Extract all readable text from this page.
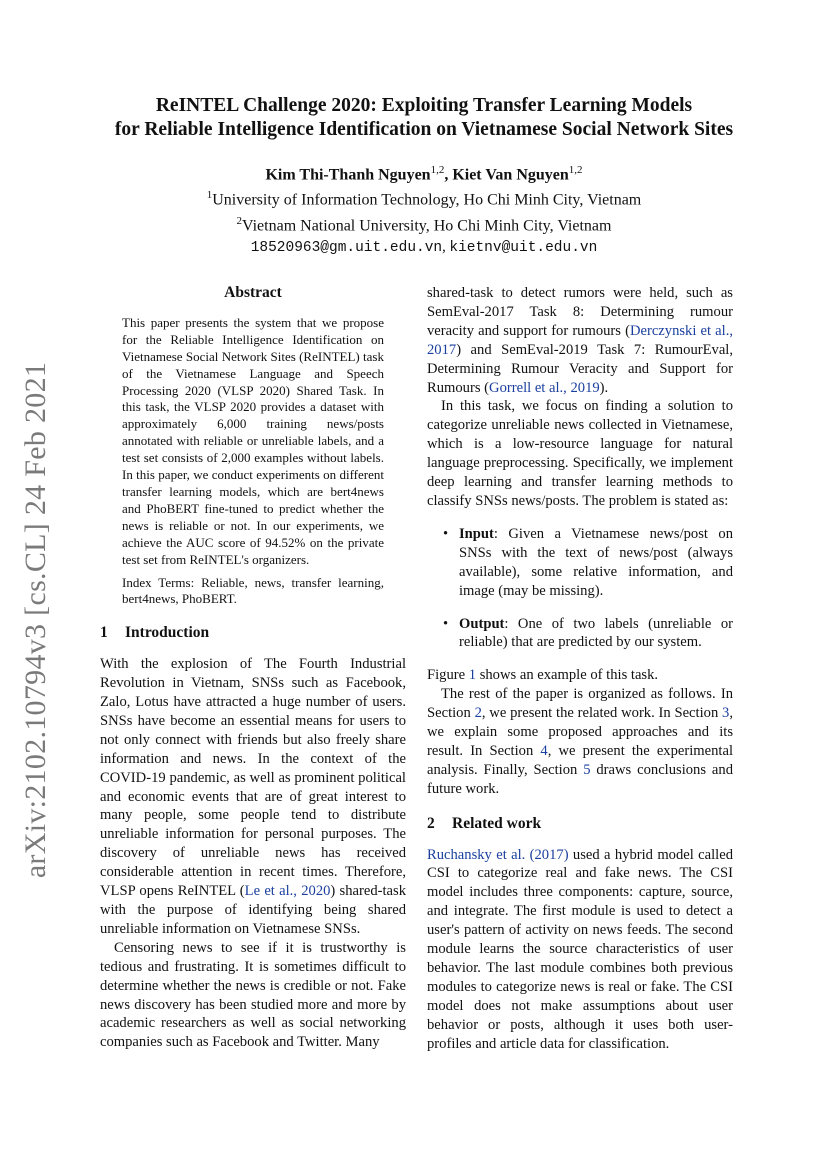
arXiv:2102.10794v3 [cs.CL] 24 Feb 2021
ReINTEL Challenge 2020: Exploiting Transfer Learning Models
for Reliable Intelligence Identification on Vietnamese Social Network Sites
Kim Thi-Thanh Nguyen$^{1,2}$, Kiet Van Nguyen$^{1,2}$
$^1$University of Information Technology, Ho Chi Minh City, Vietnam
$^2$Vietnam National University, Ho Chi Minh City, Vietnam
18520963@gm.uit.edu.vn, kietnv@uit.edu.vn
Abstract

This paper presents the system that we propose for the Reliable Intelligence Identification on Vietnamese Social Network Sites (ReINTEL) task of the Vietnamese Language and Speech Processing 2020 (VLSP 2020) Shared Task. In this task, the VLSP 2020 provides a dataset with approximately 6,000 training news/posts annotated with reliable or unreliable labels, and a test set consists of 2,000 examples without labels. In this paper, we conduct experiments on different transfer learning models, which are bert4news and PhoBERT fine-tuned to predict whether the news is reliable or not. In our experiments, we achieve the AUC score of 94.52% on the private test set from ReINTEL's organizers.

Index Terms: Reliable, news, transfer learning, bert4news, PhoBERT.

1 Introduction

With the explosion of The Fourth Industrial Revolution in Vietnam, SNSs such as Facebook, Zalo, Lotus have attracted a huge number of users. SNSs have become an essential means for users to not only connect with friends but also freely share information and news. In the context of the COVID-19 pandemic, as well as prominent political and economic events that are of great interest to many people, some people tend to distribute unreliable information for personal purposes. The discovery of unreliable news has received considerable attention in recent times. Therefore, VLSP opens ReINTEL (Le et al., 2020) shared-task with the purpose of identifying being shared unreliable information on Vietnamese SNSs.

Censoring news to see if it is trustworthy is tedious and frustrating. It is sometimes difficult to determine whether the news is credible or not. Fake news discovery has been studied more and more by academic researchers as well as social networking companies such as Facebook and Twitter. Many

shared-task to detect rumors were held, such as SemEval-2017 Task 8: Determining rumour veracity and support for rumours (Derczynski et al., 2017) and SemEval-2019 Task 7: RumourEval, Determining Rumour Veracity and Support for Rumours (Gorrell et al., 2019).

In this task, we focus on finding a solution to categorize unreliable news collected in Vietnamese, which is a low-resource language for natural language preprocessing. Specifically, we implement deep learning and transfer learning methods to classify SNSs news/posts. The problem is stated as:

• Input: Given a Vietnamese news/post on SNSs with the text of news/post (always available), some relative information, and image (may be missing).
• Output: One of two labels (unreliable or reliable) that are predicted by our system.

Figure 1 shows an example of this task.

The rest of the paper is organized as follows. In Section 2, we present the related work. In Section 3, we explain some proposed approaches and its result. In Section 4, we present the experimental analysis. Finally, Section 5 draws conclusions and future work.

2 Related work

Ruchansky et al. (2017) used a hybrid model called CSI to categorize real and fake news. The CSI model includes three components: capture, source, and integrate. The first module is used to detect a user's pattern of activity on news feeds. The second module learns the source characteristics of user behavior. The last module combines both previous modules to categorize news is real or fake. The CSI model does not make assumptions about user behavior or posts, although it uses both user-profiles and article data for classification.
